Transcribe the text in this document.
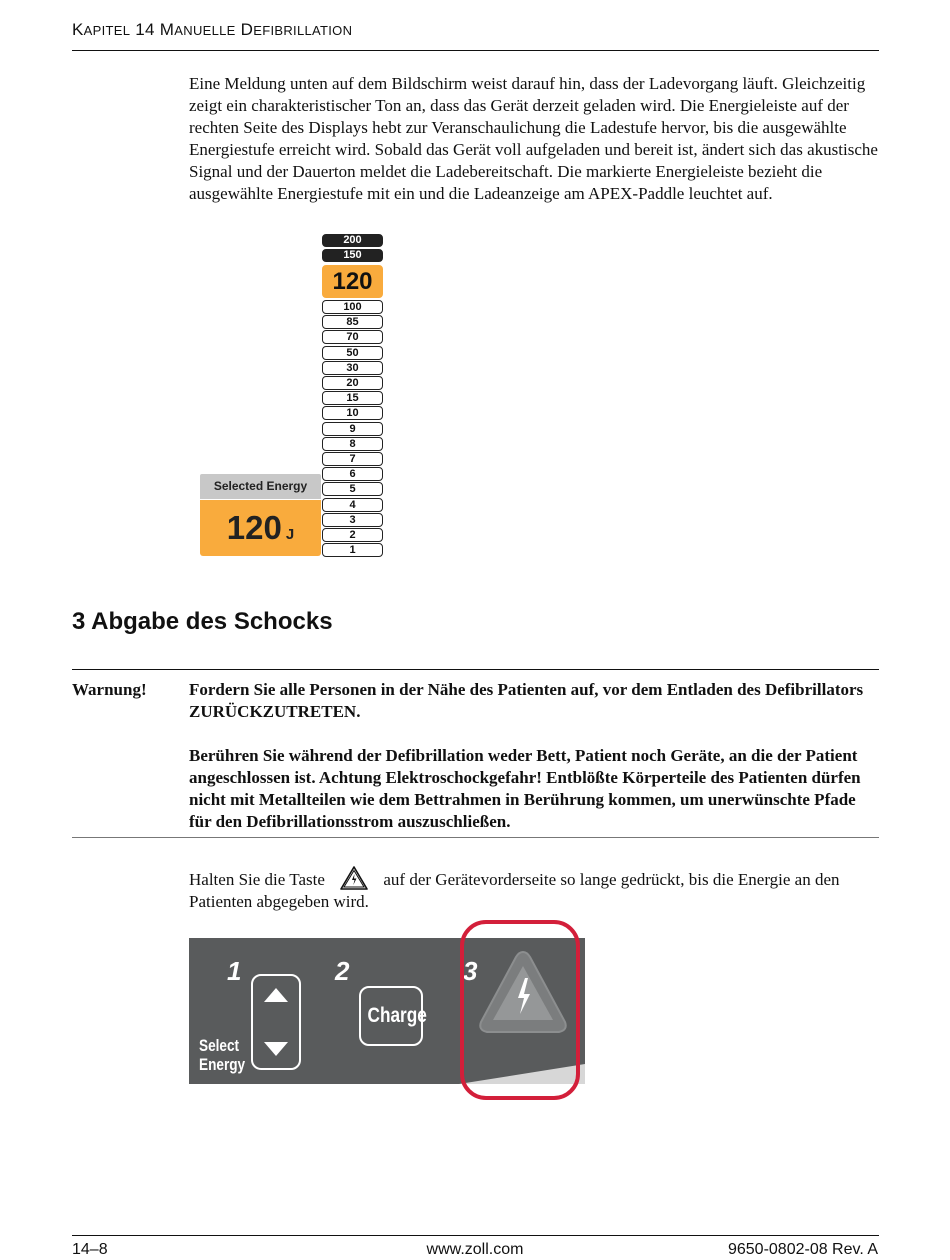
KAPITEL 14 MANUELLE DEFIBRILLATION
Eine Meldung unten auf dem Bildschirm weist darauf hin, dass der Ladevorgang läuft. Gleichzeitig zeigt ein charakteristischer Ton an, dass das Gerät derzeit geladen wird. Die Energieleiste auf der rechten Seite des Displays hebt zur Veranschaulichung die Ladestufe hervor, bis die ausgewählte Energiestufe erreicht wird. Sobald das Gerät voll aufgeladen und bereit ist, ändert sich das akustische Signal und der Dauerton meldet die Ladebereitschaft. Die markierte Energieleiste bezieht die ausgewählte Energiestufe mit ein und die Ladeanzeige am APEX-Paddle leuchtet auf.
200
150
120
100
85
70
50
30
20
15
10
9
8
7
6
5
4
3
2
1
Selected Energy
120 J
3 Abgabe des Schocks
Warnung! Fordern Sie alle Personen in der Nähe des Patienten auf, vor dem Entladen des Defibrillators ZURÜCKZUTRETEN.
Berühren Sie während der Defibrillation weder Bett, Patient noch Geräte, an die der Patient angeschlossen ist. Achtung Elektroschockgefahr! Entblößte Körperteile des Patienten dürfen nicht mit Metallteilen wie dem Bettrahmen in Berührung kommen, um unerwünschte Pfade für den Defibrillationsstrom auszuschließen.
Halten Sie die Taste	auf der Gerätevorderseite so lange gedrückt, bis die Energie an den Patienten abgegeben wird.
1
Select
Energy
2
Charge
3
14–8	www.zoll.com	9650-0802-08 Rev. A
